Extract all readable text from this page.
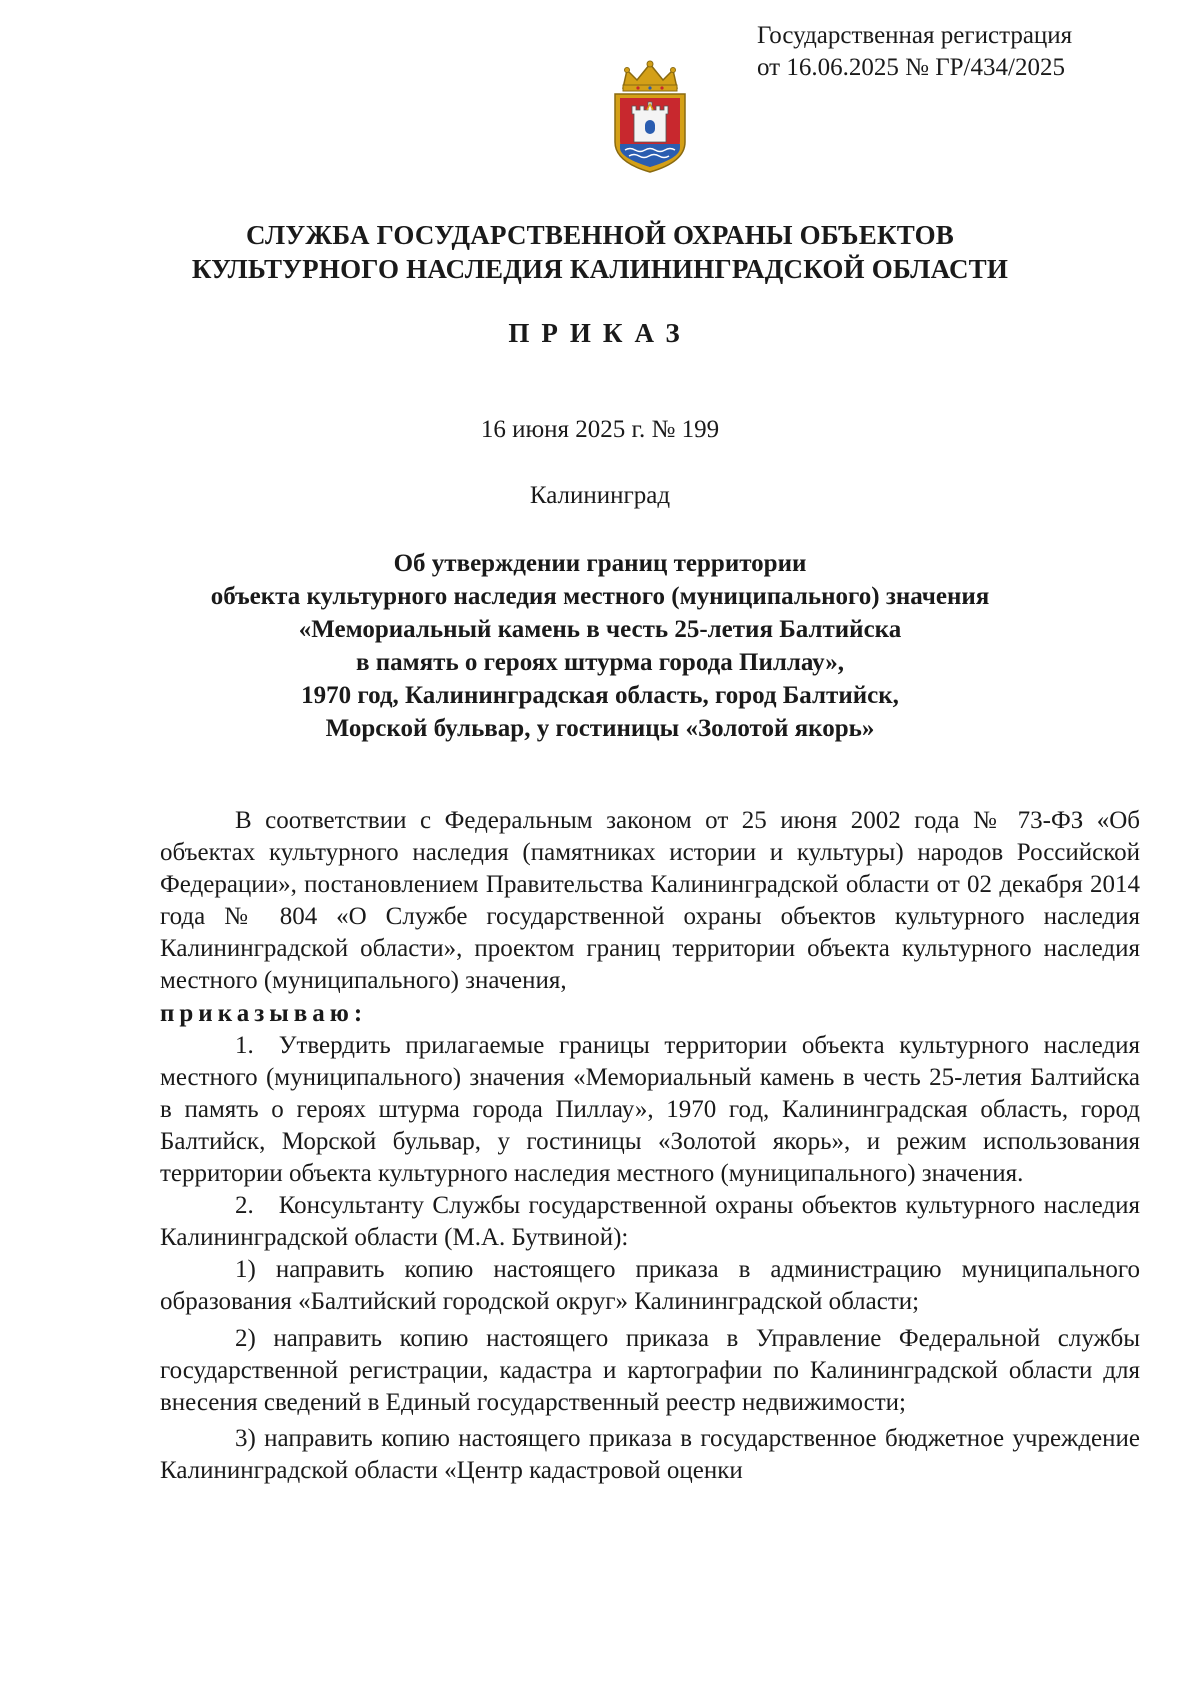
Государственная регистрация
от 16.06.2025 № ГР/434/2025
СЛУЖБА ГОСУДАРСТВЕННОЙ ОХРАНЫ ОБЪЕКТОВ
КУЛЬТУРНОГО НАСЛЕДИЯ КАЛИНИНГРАДСКОЙ ОБЛАСТИ
ПРИКАЗ
16 июня 2025 г. № 199
Калининград
Об утверждении границ территории
объекта культурного наследия местного (муниципального) значения
«Мемориальный камень в честь 25-летия Балтийска
в память о героях штурма города Пиллау»,
1970 год, Калининградская область, город Балтийск,
Морской бульвар, у гостиницы «Золотой якорь»

В соответствии с Федеральным законом от 25 июня 2002 года № 73-ФЗ «Об объектах культурного наследия (памятниках истории и культуры) народов Российской Федерации», постановлением Правительства Калининградской области от 02 декабря 2014 года № 804 «О Службе государственной охраны объектов культурного наследия Калининградской области», проектом границ территории объекта культурного наследия местного (муниципального) значения,

приказываю:

1. Утвердить прилагаемые границы территории объекта культурного наследия местного (муниципального) значения «Мемориальный камень в честь 25-летия Балтийска в память о героях штурма города Пиллау», 1970 год, Калининградская область, город Балтийск, Морской бульвар, у гостиницы «Золотой якорь», и режим использования территории объекта культурного наследия местного (муниципального) значения.

2. Консультанту Службы государственной охраны объектов культурного наследия Калининградской области (М.А. Бутвиной):

1) направить копию настоящего приказа в администрацию муниципального образования «Балтийский городской округ» Калининградской области;

2) направить копию настоящего приказа в Управление Федеральной службы государственной регистрации, кадастра и картографии по Калининградской области для внесения сведений в Единый государственный реестр недвижимости;

3) направить копию настоящего приказа в государственное бюджетное учреждение Калининградской области «Центр кадастровой оценки
